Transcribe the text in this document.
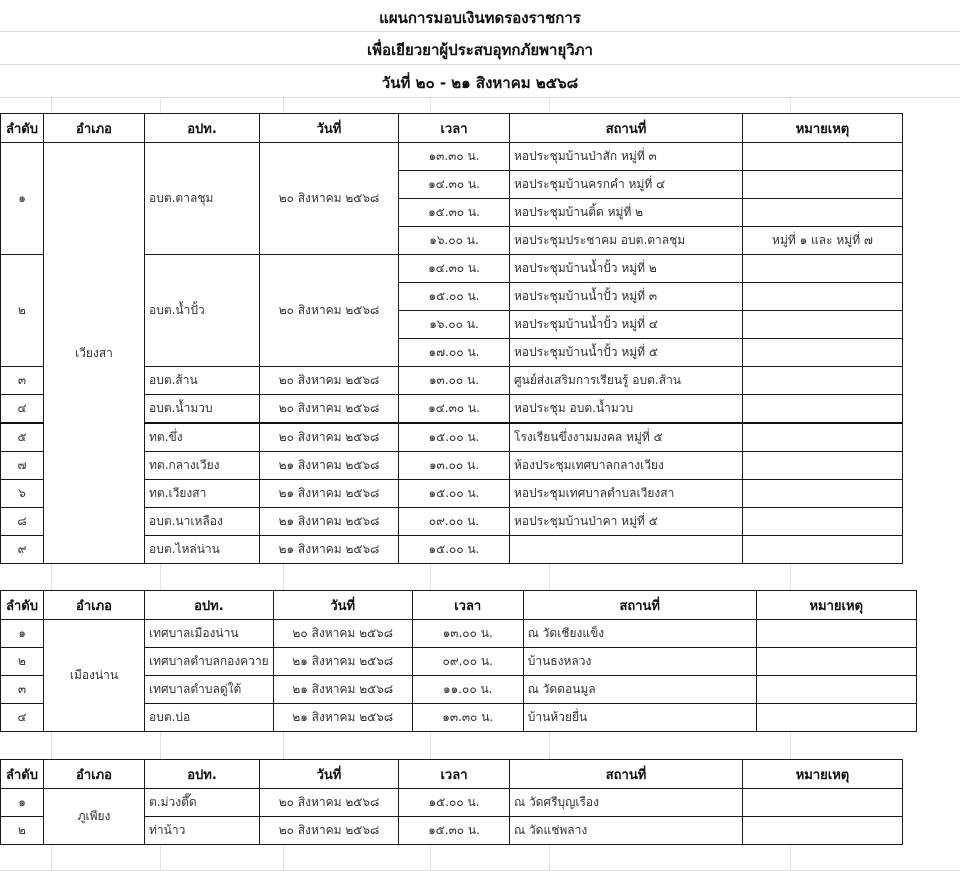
แผนการมอบเงินทดรองราชการ
เพื่อเยียวยาผู้ประสบอุทกภัยพายุวิภา
วันที่ ๒๐ - ๒๑ สิงหาคม ๒๕๖๘
ลำดับ	อำเภอ	อปท.	วันที่	เวลา	สถานที่	หมายเหตุ
๑	เวียงสา	อบต.ตาลชุม	๒๐ สิงหาคม ๒๕๖๘	๑๓.๓๐ น.	หอประชุมบ้านป่าสัก หมู่ที่ ๓	
				๑๔.๓๐ น.	หอประชุมบ้านครกคำ หมู่ที่ ๔	
				๑๕.๓๐ น.	หอประชุมบ้านติ้ด หมู่ที่ ๒	
				๑๖.๐๐ น.	หอประชุมประชาคม อบต.ตาลชุม	หมู่ที่ ๑ และ หมู่ที่ ๗
๒		อบต.น้ำปั้ว	๒๐ สิงหาคม ๒๕๖๘	๑๔.๓๐ น.	หอประชุมบ้านน้ำปั้ว หมู่ที่ ๒	
				๑๕.๐๐ น.	หอประชุมบ้านน้ำปั้ว หมู่ที่ ๓	
				๑๖.๐๐ น.	หอประชุมบ้านน้ำปั้ว หมู่ที่ ๔	
				๑๗.๐๐ น.	หอประชุมบ้านน้ำปั้ว หมู่ที่ ๕	
๓		อบต.ส้าน	๒๐ สิงหาคม ๒๕๖๘	๑๓.๐๐ น.	ศูนย์ส่งเสริมการเรียนรู้ อบต.ส้าน	
๔		อบต.น้ำมวบ	๒๐ สิงหาคม ๒๕๖๘	๑๔.๓๐ น.	หอประชุม อบต.น้ำมวบ	
๕		ทต.ขึ่ง	๒๐ สิงหาคม ๒๕๖๘	๑๕.๐๐ น.	โรงเรียนขึ่งงามมงคล หมู่ที่ ๕	
๗		ทต.กลางเวียง	๒๑ สิงหาคม ๒๕๖๘	๑๓.๐๐ น.	ห้องประชุมเทศบาลกลางเวียง	
๖		ทต.เวียงสา	๒๑ สิงหาคม ๒๕๖๘	๑๕.๐๐ น.	หอประชุมเทศบาลตำบลเวียงสา	
๘		อบต.นาเหลือง	๒๑ สิงหาคม ๒๕๖๘	๐๙.๐๐ น.	หอประชุมบ้านป่าคา หมู่ที่ ๕	
๙		อบต.ไหล่น่าน	๒๑ สิงหาคม ๒๕๖๘	๑๕.๐๐ น.		
ลำดับ	อำเภอ	อปท.	วันที่	เวลา	สถานที่	หมายเหตุ
๑	เมืองน่าน	เทศบาลเมืองน่าน	๒๐ สิงหาคม ๒๕๖๘	๑๓.๐๐ น.	ณ วัดเชียงแข็ง	
๒		เทศบาลตำบลกองควาย	๒๑ สิงหาคม ๒๕๖๘	๐๙.๐๐ น.	บ้านธงหลวง	
๓		เทศบาลตำบลดู่ใต้	๒๑ สิงหาคม ๒๕๖๘	๑๑.๐๐ น.	ณ วัดดอนมูล	
๔		อบต.บ่อ	๒๑ สิงหาคม ๒๕๖๘	๑๓.๓๐ น.	บ้านห้วยยื่น	
ลำดับ	อำเภอ	อปท.	วันที่	เวลา	สถานที่	หมายเหตุ
๑	ภูเพียง	ต.ม่วงตึ๊ด	๒๐ สิงหาคม ๒๕๖๘	๑๕.๐๐ น.	ณ วัดศรีบุญเรือง	
๒		ท่าน้าว	๒๐ สิงหาคม ๒๕๖๘	๑๕.๓๐ น.	ณ วัดแช่พลาง	
